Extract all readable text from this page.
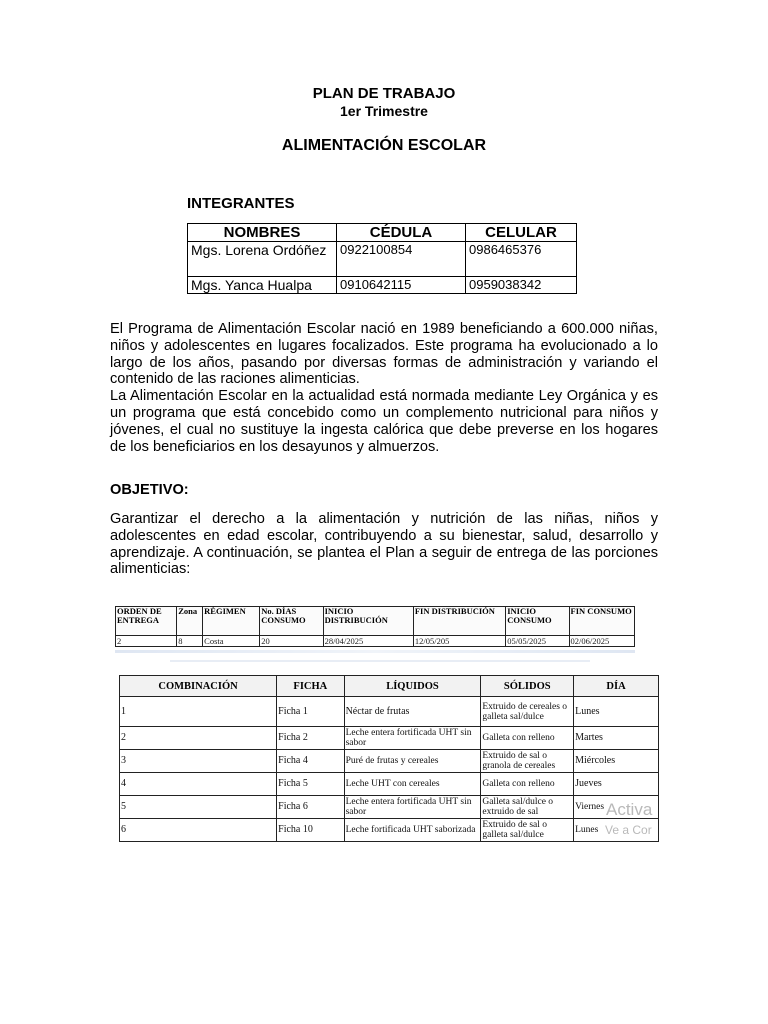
PLAN DE TRABAJO
1er Trimestre
ALIMENTACIÓN ESCOLAR
INTEGRANTES
NOMBRES	CÉDULA	CELULAR
Mgs. Lorena Ordóñez	0922100854	0986465376
Mgs. Yanca Hualpa	0910642115	0959038342

El Programa de Alimentación Escolar nació en 1989 beneficiando a 600.000 niñas, niños y adolescentes en lugares focalizados. Este programa ha evolucionado a lo largo de los años, pasando por diversas formas de administración y variando el contenido de las raciones alimenticias.

La Alimentación Escolar en la actualidad está normada mediante Ley Orgánica y es un programa que está concebido como un complemento nutricional para niños y jóvenes, el cual no sustituye la ingesta calórica que debe preverse en los hogares de los beneficiarios en los desayunos y almuerzos.

OBJETIVO:

Garantizar el derecho a la alimentación y nutrición de las niñas, niños y adolescentes en edad escolar, contribuyendo a su bienestar, salud, desarrollo y aprendizaje. A continuación, se plantea el Plan a seguir de entrega de las porciones alimenticias:

ORDEN DE ENTREGA	Zona	RÉGIMEN	No. DÍAS CONSUMO	INICIO DISTRIBUCIÓN	FIN DISTRIBUCIÓN	INICIO CONSUMO	FIN CONSUMO
2	8	Costa	20	28/04/2025	12/05/205	05/05/2025	02/06/2025
COMBINACIÓN	FICHA	LÍQUIDOS	SÓLIDOS	DÍA
1	Ficha 1	Néctar de frutas	Extruido de cereales o galleta sal/dulce	Lunes
2	Ficha 2	Leche entera fortificada UHT sin sabor	Galleta con relleno	Martes
3	Ficha 4	Puré de frutas y cereales	Extruido de sal o granola de cereales	Miércoles
4	Ficha 5	Leche UHT con cereales	Galleta con relleno	Jueves
5	Ficha 6	Leche entera fortificada UHT sin sabor	Galleta sal/dulce o extruido de sal	Viernes
6	Ficha 10	Leche fortificada UHT saborizada	Extruido de sal o galleta sal/dulce	Lunes
Activa
Ve a Cor
